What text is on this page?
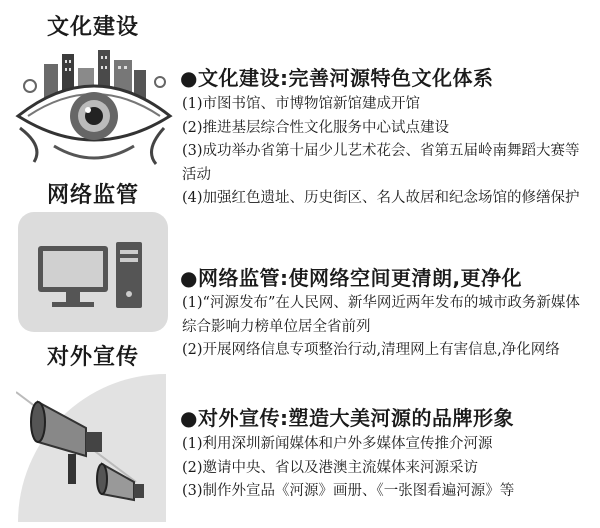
文化建设
●文化建设:完善河源特色文化体系
(1)市图书馆、市博物馆新馆建成开馆
(2)推进基层综合性文化服务中心试点建设
(3)成功举办省第十届少儿艺术花会、省第五届岭南舞蹈大赛等活动
(4)加强红色遗址、历史街区、名人故居和纪念场馆的修缮保护
网络监管
●网络监管:使网络空间更清朗,更净化
(1)“河源发布”在人民网、新华网近两年发布的城市政务新媒体综合影响力榜单位居全省前列
(2)开展网络信息专项整治行动,清理网上有害信息,净化网络
对外宣传
●对外宣传:塑造大美河源的品牌形象
(1)利用深圳新闻媒体和户外多媒体宣传推介河源
(2)邀请中央、省以及港澳主流媒体来河源采访
(3)制作外宣品《河源》画册、《一张图看遍河源》等
